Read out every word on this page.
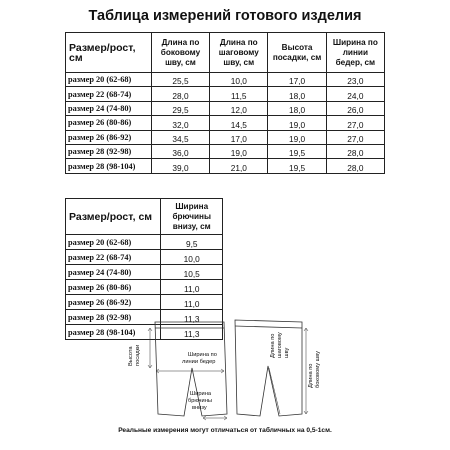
Таблица измерений готового изделия
Размер/рост, см	Длина по
боковому
шву, см	Длина по
шаговому
шву, см	Высота
посадки, см	Ширина по
линии
бедер, см
размер 20 (62-68)	25,5	10,0	17,0	23,0
размер 22 (68-74)	28,0	11,5	18,0	24,0
размер 24 (74-80)	29,5	12,0	18,0	26,0
размер 26 (80-86)	32,0	14,5	19,0	27,0
размер 26 (86-92)	34,5	17,0	19,0	27,0
размер 28 (92-98)	36,0	19,0	19,5	28,0
размер 28 (98-104)	39,0	21,0	19,5	28,0
Размер/рост, см	Ширина
брючины
внизу, см
размер 20 (62-68)	9,5
размер 22 (68-74)	10,0
размер 24 (74-80)	10,5
размер 26 (80-86)	11,0
размер 26 (86-92)	11,0
размер 28 (92-98)	11,3
размер 28 (98-104)	11,3
Высота посадки	Ширина по линии бедер
Ширина брючины внизу
Длина по шаговому шву
Длина по боковому шву
Реальные измерения могут отличаться от табличных на 0,5-1см.
